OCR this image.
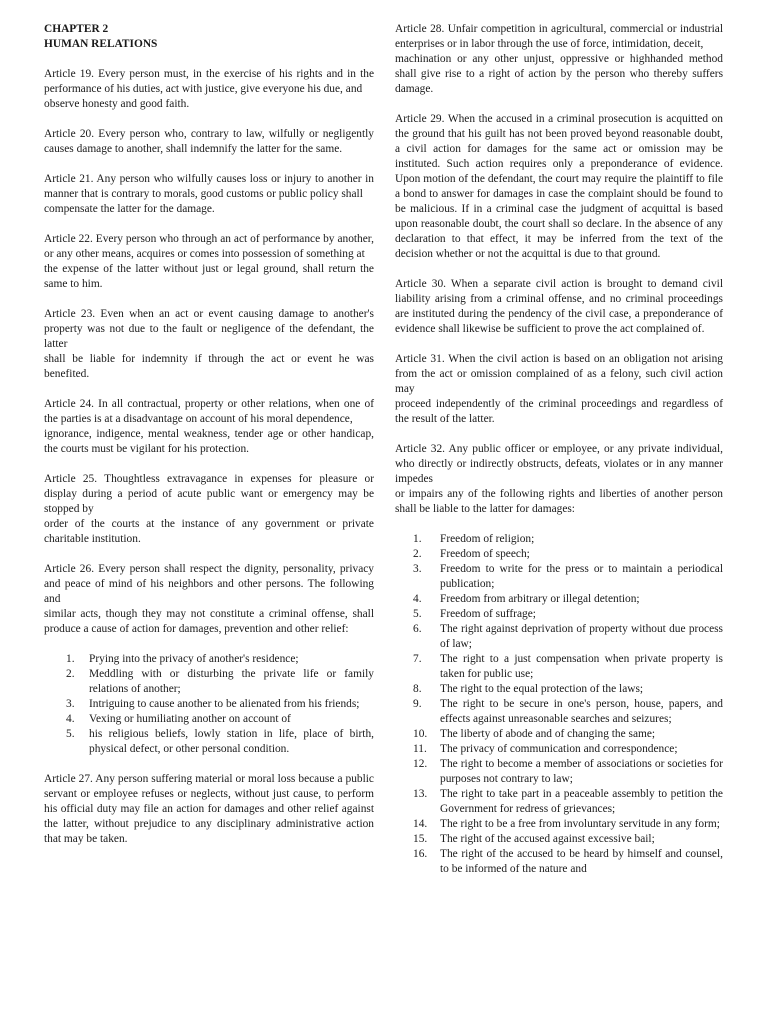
CHAPTER 2
HUMAN RELATIONS

Article 19. Every person must, in the exercise of his rights and in the performance of his duties, act with justice, give everyone his due, and

observe honesty and good faith.

Article 20. Every person who, contrary to law, wilfully or negligently causes damage to another, shall indemnify the latter for the same.

Article 21. Any person who wilfully causes loss or injury to another in manner that is contrary to morals, good customs or public policy shall

compensate the latter for the damage.

Article 22. Every person who through an act of performance by another, or any other means, acquires or comes into possession of something at

the expense of the latter without just or legal ground, shall return the same to him.

Article 23. Even when an act or event causing damage to another's property was not due to the fault or negligence of the defendant, the latter

shall be liable for indemnity if through the act or event he was benefited.

Article 24. In all contractual, property or other relations, when one of the parties is at a disadvantage on account of his moral dependence,

ignorance, indigence, mental weakness, tender age or other handicap, the courts must be vigilant for his protection.

Article 25. Thoughtless extravagance in expenses for pleasure or display during a period of acute public want or emergency may be stopped by

order of the courts at the instance of any government or private charitable institution.

Article 26. Every person shall respect the dignity, personality, privacy and peace of mind of his neighbors and other persons. The following and

similar acts, though they may not constitute a criminal offense, shall produce a cause of action for damages, prevention and other relief:

1. Prying into the privacy of another's residence;
2. Meddling with or disturbing the private life or family relations of another;
3. Intriguing to cause another to be alienated from his friends;
4. Vexing or humiliating another on account of
5. his religious beliefs, lowly station in life, place of birth, physical defect, or other personal condition.

Article 27. Any person suffering material or moral loss because a public servant or employee refuses or neglects, without just cause, to perform his official duty may file an action for damages and other relief against the latter, without prejudice to any disciplinary administrative action that may be taken.

Article 28. Unfair competition in agricultural, commercial or industrial enterprises or in labor through the use of force, intimidation, deceit,

machination or any other unjust, oppressive or highhanded method shall give rise to a right of action by the person who thereby suffers damage.

Article 29. When the accused in a criminal prosecution is acquitted on the ground that his guilt has not been proved beyond reasonable doubt, a civil action for damages for the same act or omission may be instituted. Such action requires only a preponderance of evidence. Upon motion of the defendant, the court may require the plaintiff to file a bond to answer for damages in case the complaint should be found to be malicious. If in a criminal case the judgment of acquittal is based upon reasonable doubt, the court shall so declare. In the absence of any declaration to that effect, it may be inferred from the text of the decision whether or not the acquittal is due to that ground.

Article 30. When a separate civil action is brought to demand civil liability arising from a criminal offense, and no criminal proceedings are instituted during the pendency of the civil case, a preponderance of evidence shall likewise be sufficient to prove the act complained of.

Article 31. When the civil action is based on an obligation not arising from the act or omission complained of as a felony, such civil action may

proceed independently of the criminal proceedings and regardless of the result of the latter.

Article 32. Any public officer or employee, or any private individual, who directly or indirectly obstructs, defeats, violates or in any manner impedes

or impairs any of the following rights and liberties of another person shall be liable to the latter for damages:

1. Freedom of religion;
2. Freedom of speech;
3. Freedom to write for the press or to maintain a periodical publication;
4. Freedom from arbitrary or illegal detention;
5. Freedom of suffrage;
6. The right against deprivation of property without due process of law;
7. The right to a just compensation when private property is taken for public use;
8. The right to the equal protection of the laws;
9. The right to be secure in one's person, house, papers, and effects against unreasonable searches and seizures;
10. The liberty of abode and of changing the same;
11. The privacy of communication and correspondence;
12. The right to become a member of associations or societies for purposes not contrary to law;
13. The right to take part in a peaceable assembly to petition the Government for redress of grievances;
14. The right to be a free from involuntary servitude in any form;
15. The right of the accused against excessive bail;
16. The right of the accused to be heard by himself and counsel, to be informed of the nature and
